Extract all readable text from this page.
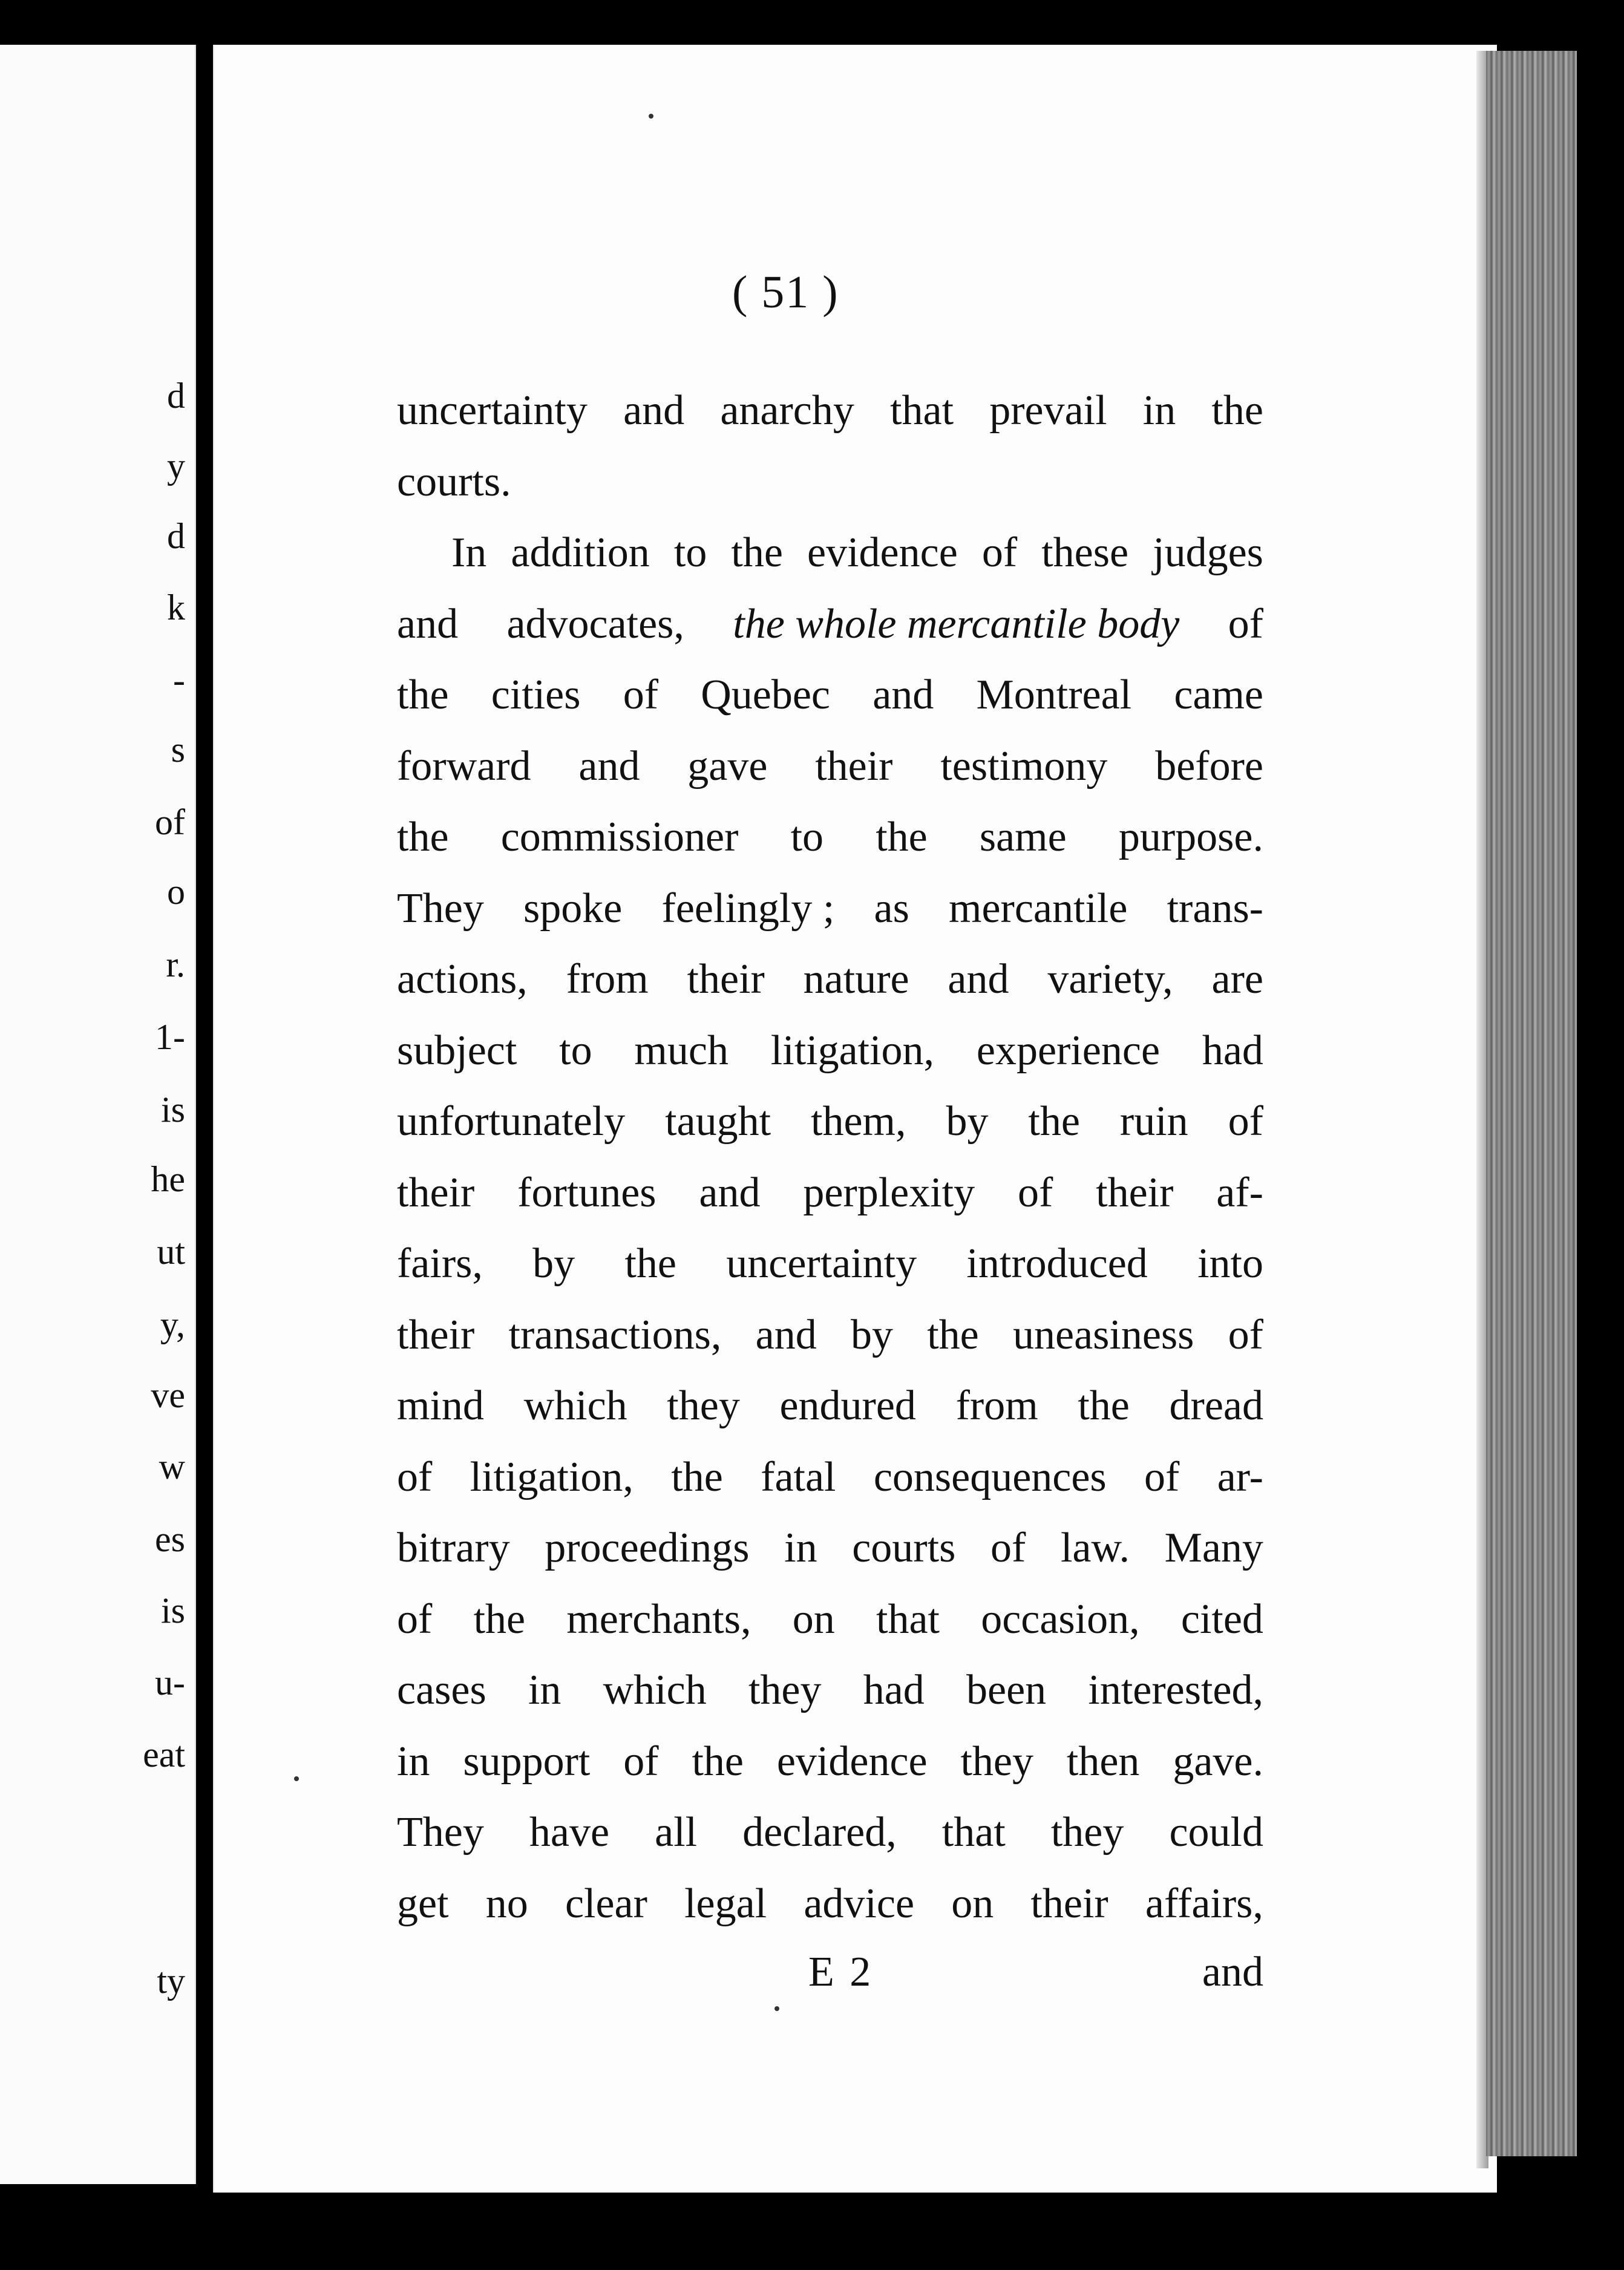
d
y
d
k
-
s
of
o
r.
1-
is
he
ut
y,
ve
w
es
is
u-
eat
ty
( 51 )
uncertainty and anarchy that prevail in the
courts.
In addition to the evidence of these judges
and advocates, the whole mercantile body of
the cities of Quebec and Montreal came
forward and gave their testimony before
the commissioner to the same purpose.
They spoke feelingly ; as mercantile trans-
actions, from their nature and variety, are
subject to much litigation, experience had
unfortunately taught them, by the ruin of
their fortunes and perplexity of their af-
fairs, by the uncertainty introduced into
their transactions, and by the uneasiness of
mind which they endured from the dread
of litigation, the fatal consequences of ar-
bitrary proceedings in courts of law. Many
of the merchants, on that occasion, cited
cases in which they had been interested,
in support of the evidence they then gave.
They have all declared, that they could
get no clear legal advice on their affairs,
E 2	and
